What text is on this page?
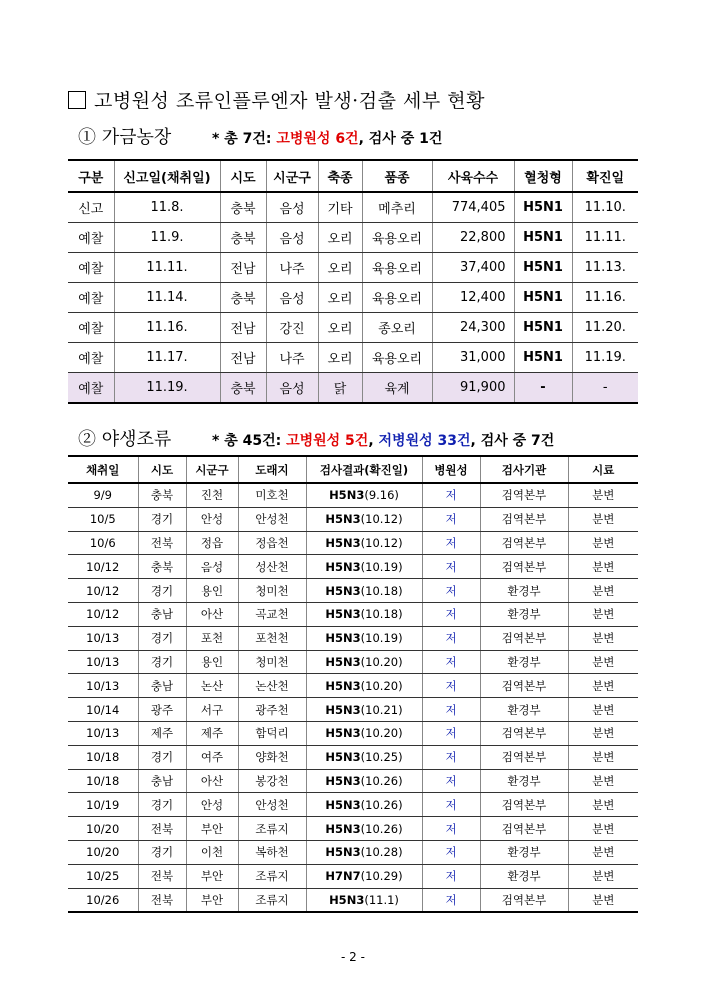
고병원성 조류인플루엔자 발생·검출 세부 현황
① 가금농장	* 총 7건: 고병원성 6건, 검사 중 1건
구분	신고일(채취일)	시도	시군구	축종	품종	사육수수	혈청형	확진일
신고	11.8.	충북	음성	기타	메추리	774,405	H5N1	11.10.
예찰	11.9.	충북	음성	오리	육용오리	22,800	H5N1	11.11.
예찰	11.11.	전남	나주	오리	육용오리	37,400	H5N1	11.13.
예찰	11.14.	충북	음성	오리	육용오리	12,400	H5N1	11.16.
예찰	11.16.	전남	강진	오리	종오리	24,300	H5N1	11.20.
예찰	11.17.	전남	나주	오리	육용오리	31,000	H5N1	11.19.
예찰	11.19.	충북	음성	닭	육계	91,900	-	-
② 야생조류	* 총 45건: 고병원성 5건, 저병원성 33건, 검사 중 7건
채취일	시도	시군구	도래지	검사결과(확진일)	병원성	검사기관	시료
9/9	충북	진천	미호천	H5N3(9.16)	저	검역본부	분변
10/5	경기	안성	안성천	H5N3(10.12)	저	검역본부	분변
10/6	전북	정읍	정읍천	H5N3(10.12)	저	검역본부	분변
10/12	충북	음성	성산천	H5N3(10.19)	저	검역본부	분변
10/12	경기	용인	청미천	H5N3(10.18)	저	환경부	분변
10/12	충남	아산	곡교천	H5N3(10.18)	저	환경부	분변
10/13	경기	포천	포천천	H5N3(10.19)	저	검역본부	분변
10/13	경기	용인	청미천	H5N3(10.20)	저	환경부	분변
10/13	충남	논산	논산천	H5N3(10.20)	저	검역본부	분변
10/14	광주	서구	광주천	H5N3(10.21)	저	환경부	분변
10/13	제주	제주	함덕리	H5N3(10.20)	저	검역본부	분변
10/18	경기	여주	양화천	H5N3(10.25)	저	검역본부	분변
10/18	충남	아산	봉강천	H5N3(10.26)	저	환경부	분변
10/19	경기	안성	안성천	H5N3(10.26)	저	검역본부	분변
10/20	전북	부안	조류지	H5N3(10.26)	저	검역본부	분변
10/20	경기	이천	복하천	H5N3(10.28)	저	환경부	분변
10/25	전북	부안	조류지	H7N7(10.29)	저	환경부	분변
10/26	전북	부안	조류지	H5N3(11.1)	저	검역본부	분변
- 2 -
